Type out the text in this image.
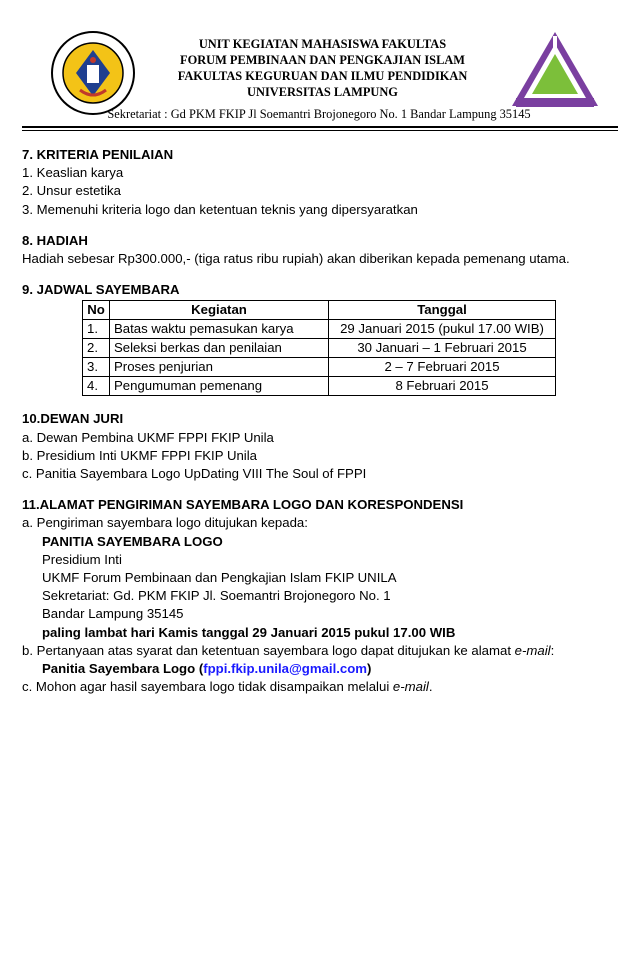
UNIT KEGIATAN MAHASISWA FAKULTAS
FORUM PEMBINAAN DAN PENGKAJIAN ISLAM
FAKULTAS KEGURUAN DAN ILMU PENDIDIKAN
UNIVERSITAS LAMPUNG
Sekretariat : Gd PKM FKIP Jl Soemantri Brojonegoro No. 1 Bandar Lampung 35145

7. KRITERIA PENILAIAN

1. Keaslian karya

2. Unsur estetika

3. Memenuhi kriteria logo dan ketentuan teknis yang dipersyaratkan

8. HADIAH

Hadiah sebesar Rp300.000,- (tiga ratus ribu rupiah) akan diberikan kepada pemenang utama.

9. JADWAL SAYEMBARA

No	Kegiatan	Tanggal
1.	Batas waktu pemasukan karya	29 Januari 2015 (pukul 17.00 WIB)
2.	Seleksi berkas dan penilaian	30 Januari – 1 Februari 2015
3.	Proses penjurian	2 – 7 Februari 2015
4.	Pengumuman pemenang	8 Februari 2015

10.DEWAN JURI

a. Dewan Pembina UKMF FPPI FKIP Unila

b. Presidium Inti UKMF FPPI FKIP Unila

c. Panitia Sayembara Logo UpDating VIII The Soul of FPPI

11.ALAMAT PENGIRIMAN SAYEMBARA LOGO DAN KORESPONDENSI

a. Pengiriman sayembara logo ditujukan kepada:

PANITIA SAYEMBARA LOGO

Presidium Inti

UKMF Forum Pembinaan dan Pengkajian Islam FKIP UNILA

Sekretariat: Gd. PKM FKIP Jl. Soemantri Brojonegoro No. 1

Bandar Lampung 35145

paling lambat hari Kamis tanggal 29 Januari 2015 pukul 17.00 WIB

b. Pertanyaan atas syarat dan ketentuan sayembara logo dapat ditujukan ke alamat e-mail:

Panitia Sayembara Logo (fppi.fkip.unila@gmail.com)

c. Mohon agar hasil sayembara logo tidak disampaikan melalui e-mail.
